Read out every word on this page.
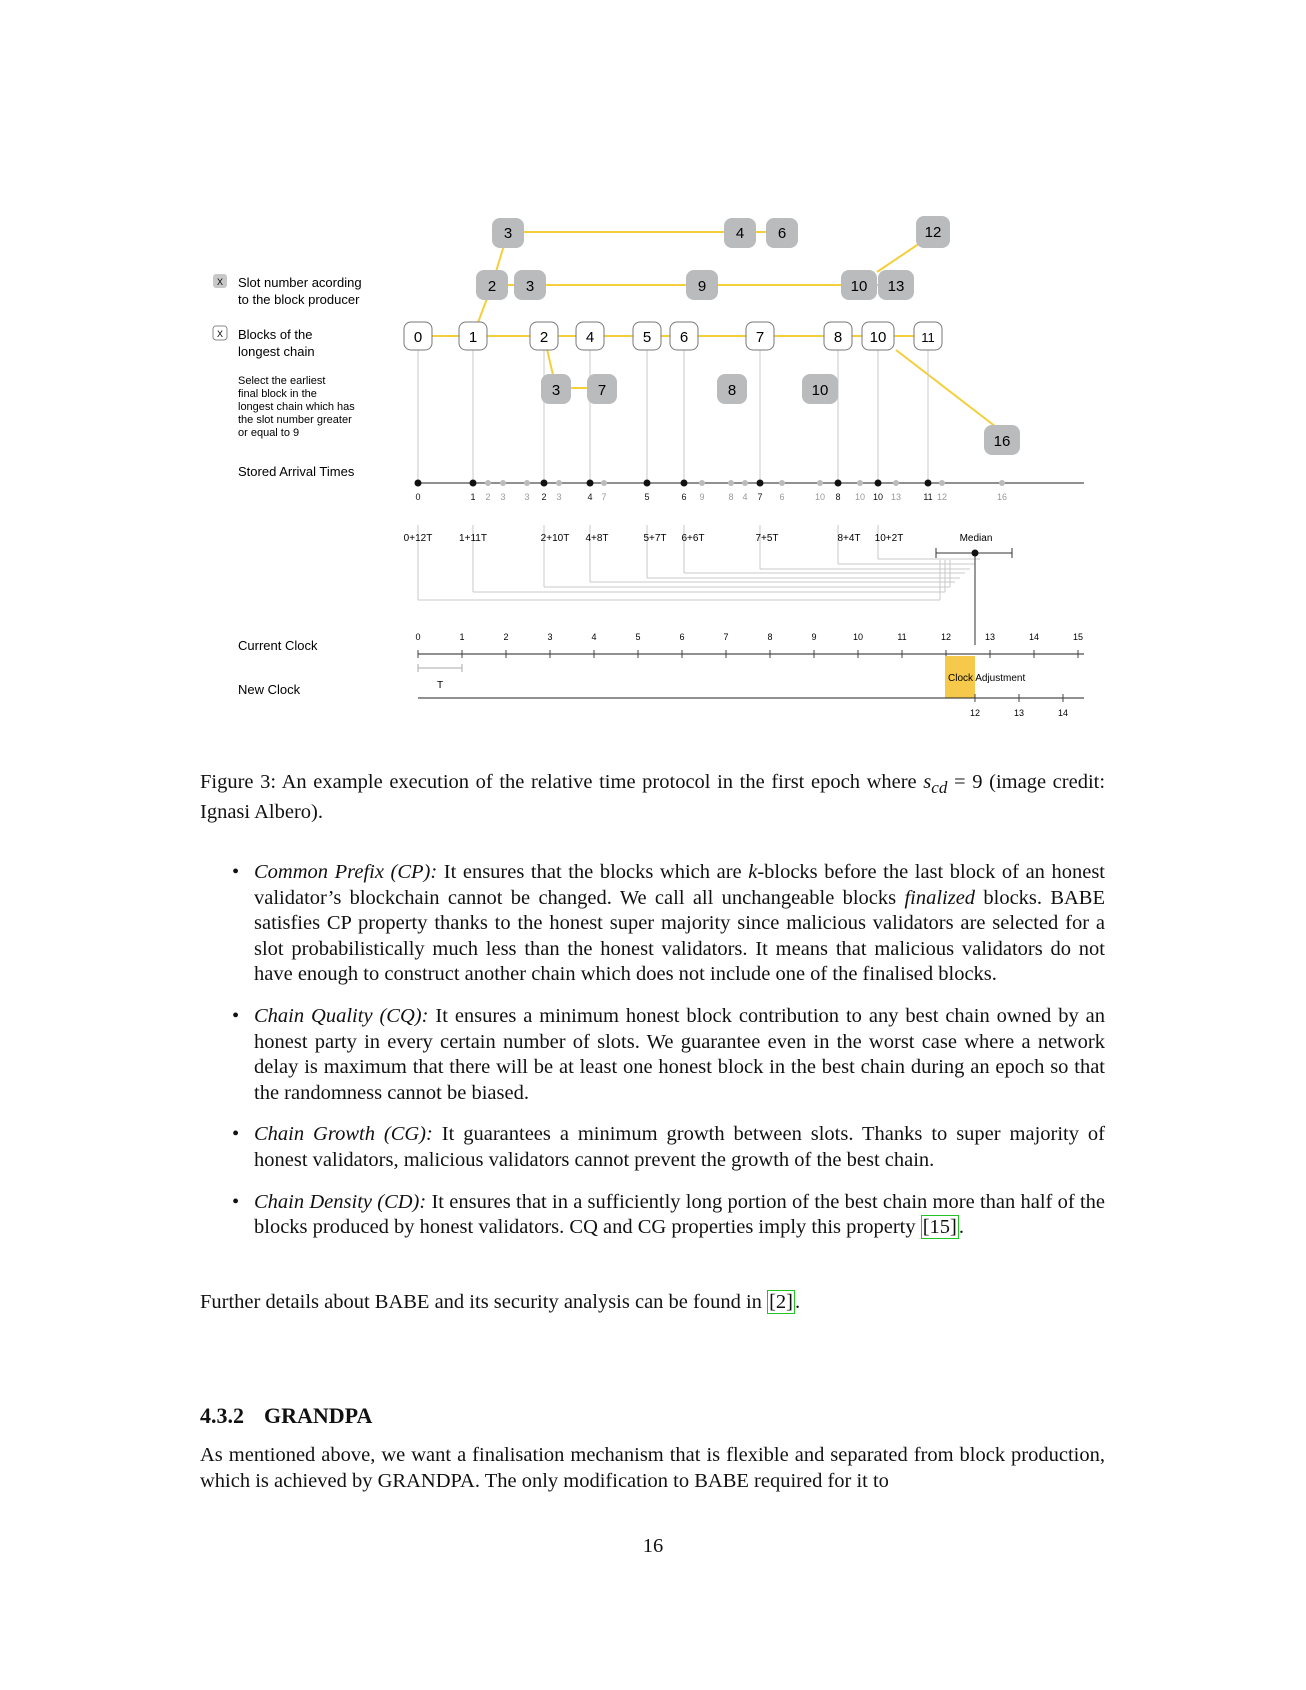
X Slot number acording
to the block producer
X Blocks of the
longest chain
Select the earliest
final block in the
longest chain which has
the slot number greater
or equal to 9
Stored Arrival Times
Current Clock
New Clock
3	4 6	12
2 3	9	10 13
0	1	2	4	5 6	7	8 10	11
3	7	8	10
16
0	1 2 3 3 2 3	4 7	5	6 9	8 4 7 6	10 8 10 10 13 11 12	16
0+12T	1+11T	2+10T 4+8T	5+7T 6+6T	7+5T	8+4T 10+2T	Median
0	1	2	3	4	5	6	7	8	9	10	11	12	13	14	15
T
Clock Adjustment
12	13	14
Figure 3: An example execution of the relative time protocol in the first epoch where $s_{cd} = 9$ (image credit: Ignasi Albero).
• Common Prefix (CP): It ensures that the blocks which are k-blocks before the last block of an honest validator’s blockchain cannot be changed. We call all unchangeable blocks finalized blocks. BABE satisfies CP property thanks to the honest super majority since malicious validators are selected for a slot probabilistically much less than the honest validators. It means that malicious validators do not have enough to construct another chain which does not include one of the finalised blocks.
• Chain Quality (CQ): It ensures a minimum honest block contribution to any best chain owned by an honest party in every certain number of slots. We guarantee even in the worst case where a network delay is maximum that there will be at least one honest block in the best chain during an epoch so that the randomness cannot be biased.
• Chain Growth (CG): It guarantees a minimum growth between slots. Thanks to super majority of honest validators, malicious validators cannot prevent the growth of the best chain.
• Chain Density (CD): It ensures that in a sufficiently long portion of the best chain more than half of the blocks produced by honest validators. CQ and CG properties imply this property [15].
Further details about BABE and its security analysis can be found in [2].
4.3.2 GRANDPA
As mentioned above, we want a finalisation mechanism that is flexible and separated from block production, which is achieved by GRANDPA. The only modification to BABE required for it to
16
